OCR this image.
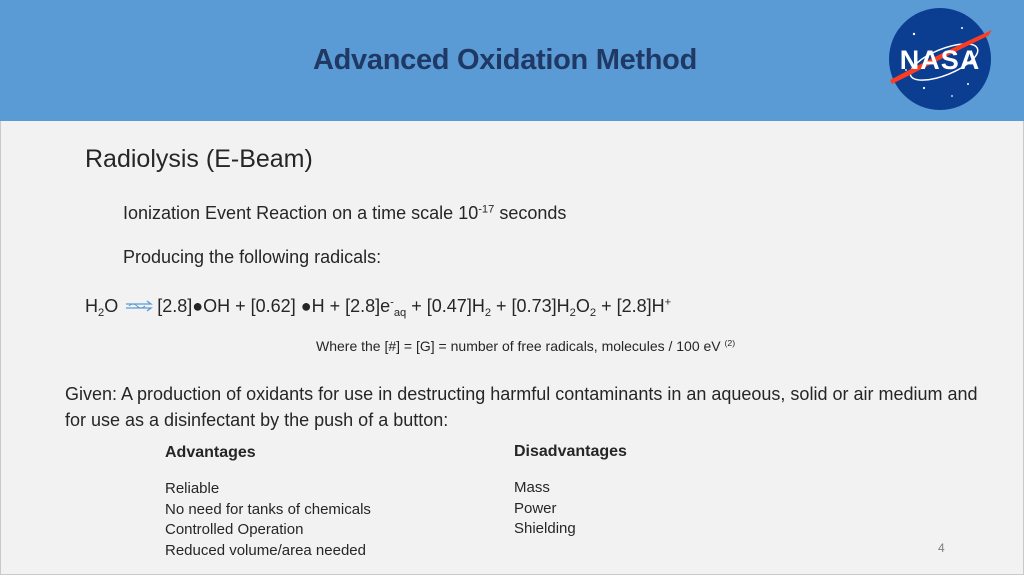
Advanced Oxidation Method	NASA
Radiolysis (E-Beam)
Ionization Event Reaction on a time scale $10^{-17}$ seconds
Producing the following radicals:
$H_2O$ ⇌[2.8]●OH + [0.62] ●H + $[2.8]e^-_{aq} + [0.47]H_2 + [0.73]H_2O_2 + [2.8]H^+$
Where the [#] = [G] = number of free radicals, molecules / 100 eV $^{(2)}$
Given: A production of oxidants for use in destructing harmful contaminants in an aqueous, solid or air medium and for use as a disinfectant by the push of a button:
Advantages	Disadvantages
Reliable
No need for tanks of chemicals
Controlled Operation
Reduced volume/area needed
Mass
Power
Shielding
4
